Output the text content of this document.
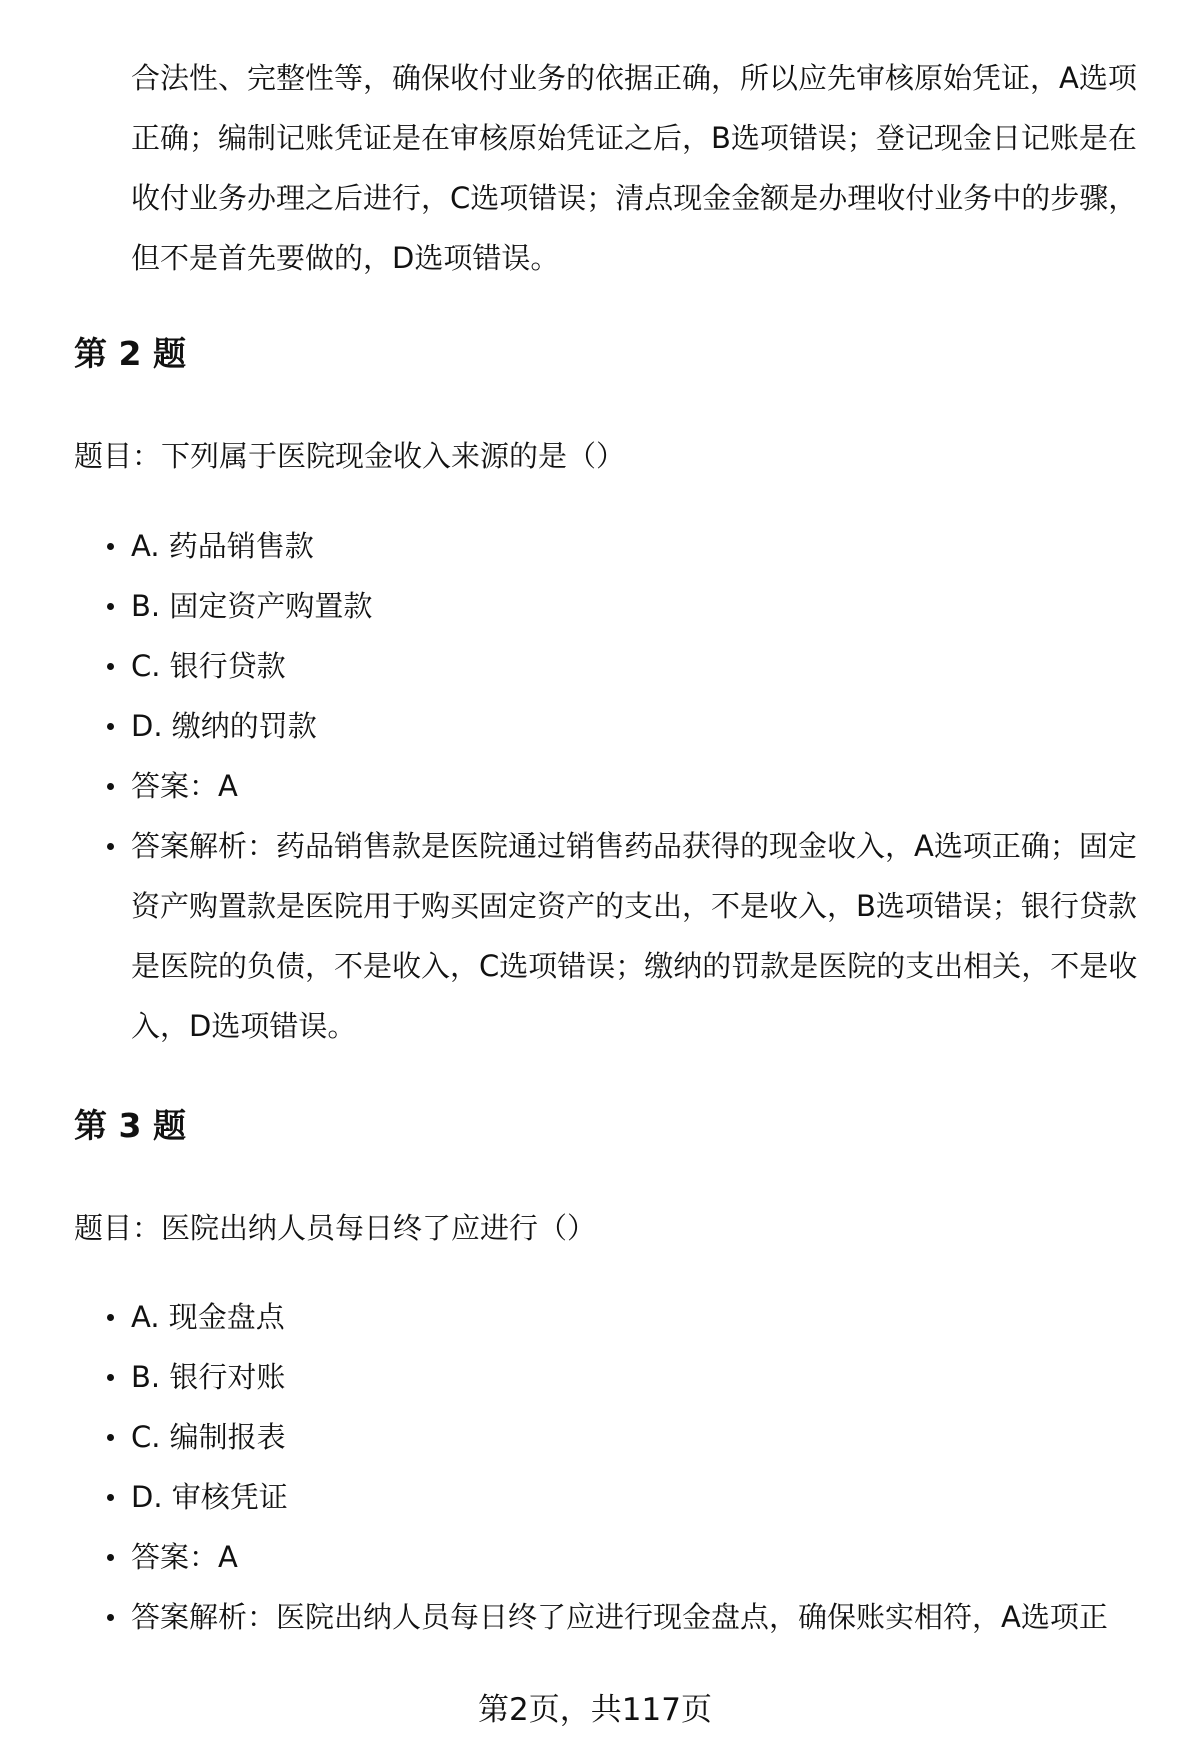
合法性、完整性等，确保收付业务的依据正确，所以应先审核原始凭证，A选项正确；编制记账凭证是在审核原始凭证之后，B选项错误；登记现金日记账是在收付业务办理之后进行，C选项错误；清点现金金额是办理收付业务中的步骤，但不是首先要做的，D选项错误。

第 2 题

题目：下列属于医院现金收入来源的是（）

A. 药品销售款
B. 固定资产购置款
C. 银行贷款
D. 缴纳的罚款
答案：A
答案解析：药品销售款是医院通过销售药品获得的现金收入，A选项正确；固定资产购置款是医院用于购买固定资产的支出，不是收入，B选项错误；银行贷款是医院的负债，不是收入，C选项错误；缴纳的罚款是医院的支出相关，不是收入，D选项错误。
第 3 题

题目：医院出纳人员每日终了应进行（）

A. 现金盘点
B. 银行对账
C. 编制报表
D. 审核凭证
答案：A
答案解析：医院出纳人员每日终了应进行现金盘点，确保账实相符，A选项正

第2页，共117页
